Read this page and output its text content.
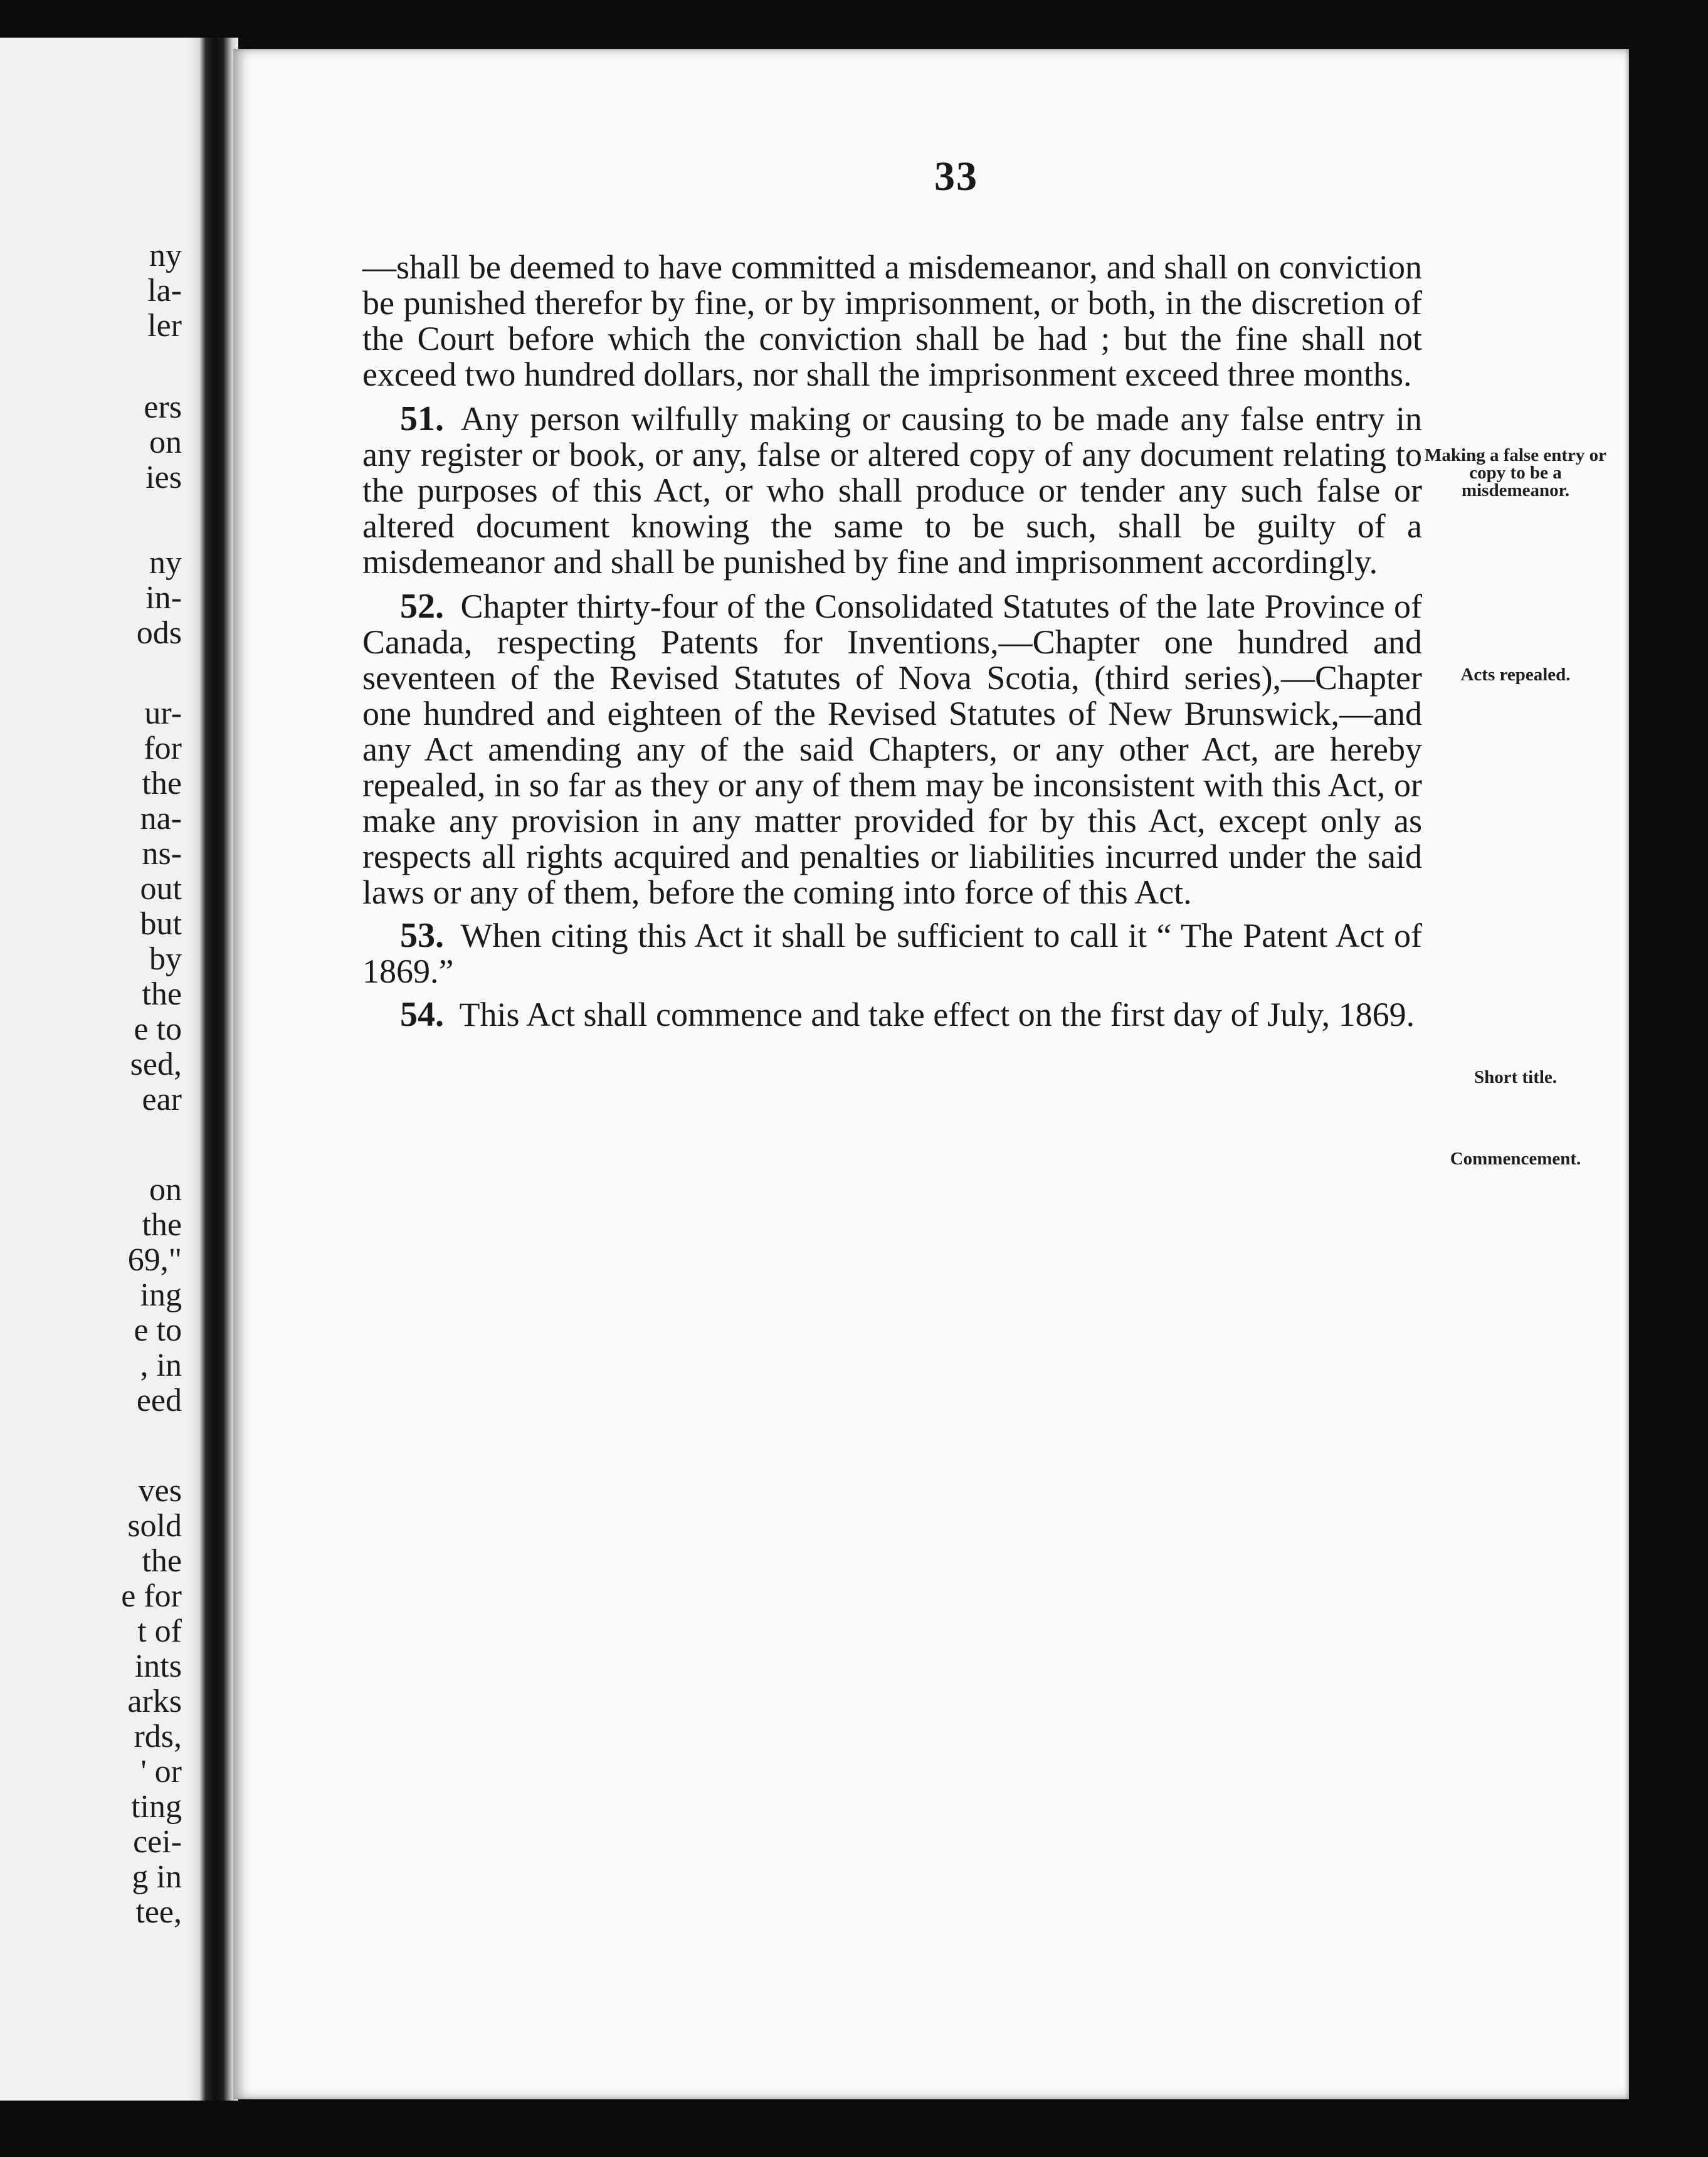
ny
la-
ler
ers
on
ies
ny
in-
ods
ur-
for
the
na-
ns-
out
but
by
the
e to
sed,
ear
on
the
69,"
ing
e to
, in
eed
ves
sold
the
e for
t of
ints
arks
rds,
' or
ting
cei-
g in
tee,
33

—shall be deemed to have committed a misdemeanor, and shall on conviction be punished therefor by fine, or by imprisonment, or both, in the discretion of the Court before which the conviction shall be had ; but the fine shall not exceed two hundred dollars, nor shall the imprisonment exceed three months.

51. Any person wilfully making or causing to be made any false entry in any register or book, or any, false or altered copy of any document relating to the purposes of this Act, or who shall produce or tender any such false or altered document knowing the same to be such, shall be guilty of a misdemeanor and shall be punished by fine and imprisonment accordingly.

52. Chapter thirty-four of the Consolidated Statutes of the late Province of Canada, respecting Patents for Inventions,—Chapter one hundred and seventeen of the Revised Statutes of Nova Scotia, (third series),—Chapter one hundred and eighteen of the Revised Statutes of New Brunswick,—and any Act amending any of the said Chapters, or any other Act, are hereby repealed, in so far as they or any of them may be inconsistent with this Act, or make any provision in any matter provided for by this Act, except only as respects all rights acquired and penalties or liabilities incurred under the said laws or any of them, before the coming into force of this Act.

53. When citing this Act it shall be sufficient to call it “ The Patent Act of 1869.”

54. This Act shall commence and take effect on the first day of July, 1869.

Making a false entry or copy to be a misdemeanor.
Acts repealed.
Short title.
Commencement.
